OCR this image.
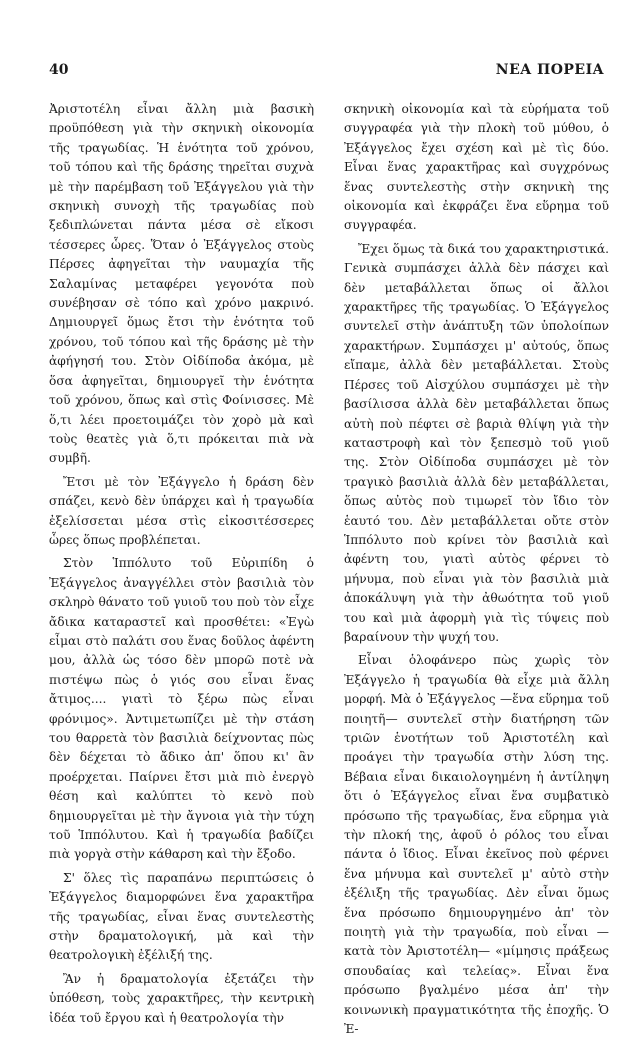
40	ΝΕΑ ΠΟΡΕΙΑ

Ἀριστοτέλη εἶναι ἄλλη μιὰ βασικὴ προϋπόθεση γιὰ τὴν σκηνικὴ οἰκονομία τῆς τραγωδίας. Ἡ ἑνότητα τοῦ χρόνου, τοῦ τόπου καὶ τῆς δράσης τηρεῖται συχνὰ μὲ τὴν παρέμβαση τοῦ Ἐξάγγελου γιὰ τὴν σκηνικὴ συνοχὴ τῆς τραγωδίας ποὺ ξεδιπλώνεται πάντα μέσα σὲ εἴκοσι τέσσερες ὧρες. Ὅταν ὁ Ἐξάγγελος στοὺς Πέρσες ἀφηγεῖται τὴν ναυμαχία τῆς Σαλαμίνας μεταφέρει γεγονότα ποὺ συνέβησαν σὲ τόπο καὶ χρόνο μακρινό. Δημιουργεῖ ὅμως ἔτσι τὴν ἑνότητα τοῦ χρόνου, τοῦ τόπου καὶ τῆς δράσης μὲ τὴν ἀφήγησή του. Στὸν Οἰδίποδα ἀκόμα, μὲ ὅσα ἀφηγεῖται, δημιουργεῖ τὴν ἑνότητα τοῦ χρόνου, ὅπως καὶ στὶς Φοίνισσες. Μὲ ὅ,τι λέει προετοιμάζει τὸν χορὸ μὰ καὶ τοὺς θεατὲς γιὰ ὅ,τι πρόκειται πιὰ νὰ συμβῆ.

Ἔτσι μὲ τὸν Ἐξάγγελο ἡ δράση δὲν σπάζει, κενὸ δὲν ὑπάρχει καὶ ἡ τραγωδία ἐξελίσσεται μέσα στὶς εἰκοσιτέσσερες ὧρες ὅπως προβλέπεται.

Στὸν Ἱππόλυτο τοῦ Εὐριπίδη ὁ Ἐξάγγελος ἀναγγέλλει στὸν βασιλιὰ τὸν σκληρὸ θάνατο τοῦ γυιοῦ του ποὺ τὸν εἶχε ἄδικα καταραστεῖ καὶ προσθέτει: «Ἐγὼ εἶμαι στὸ παλάτι σου ἕνας δοῦλος ἀφέντη μου, ἀλλὰ ὡς τόσο δὲν μπορῶ ποτὲ νὰ πιστέψω πὼς ὁ γιός σου εἶναι ἕνας ἄτιμος.... γιατὶ τὸ ξέρω πὼς εἶναι φρόνιμος». Ἀντιμετωπίζει μὲ τὴν στάση του θαρρετὰ τὸν βασιλιὰ δείχνοντας πὼς δὲν δέχεται τὸ ἄδικο ἀπ' ὅπου κι' ἂν προέρχεται. Παίρνει ἔτσι μιὰ πιὸ ἐνεργὸ θέση καὶ καλύπτει τὸ κενὸ ποὺ δημιουργεῖται μὲ τὴν ἄγνοια γιὰ τὴν τύχη τοῦ Ἱππόλυτου. Καὶ ἡ τραγωδία βαδίζει πιὰ γοργὰ στὴν κάθαρση καὶ τὴν ἔξοδο.

Σ' ὅλες τὶς παραπάνω περιπτώσεις ὁ Ἐξάγγελος διαμορφώνει ἕνα χαρακτῆρα τῆς τραγωδίας, εἶναι ἕνας συντελεστὴς στὴν δραματολογική, μὰ καὶ τὴν θεατρολογικὴ ἐξέλιξή της.

Ἂν ἡ δραματολογία ἐξετάζει τὴν ὑπόθεση, τοὺς χαρακτῆρες, τὴν κεντρικὴ ἰδέα τοῦ ἔργου καὶ ἡ θεατρολογία τὴν

σκηνικὴ οἰκονομία καὶ τὰ εὑρήματα τοῦ συγγραφέα γιὰ τὴν πλοκὴ τοῦ μύθου, ὁ Ἐξάγγελος ἔχει σχέση καὶ μὲ τὶς δύο. Εἶναι ἕνας χαρακτῆρας καὶ συγχρόνως ἕνας συντελεστὴς στὴν σκηνικὴ της οἰκονομία καὶ ἐκφράζει ἕνα εὕρημα τοῦ συγγραφέα.

Ἔχει ὅμως τὰ δικά του χαρακτηριστικά. Γενικὰ συμπάσχει ἀλλὰ δὲν πάσχει καὶ δὲν μεταβάλλεται ὅπως οἱ ἄλλοι χαρακτῆρες τῆς τραγωδίας. Ὁ Ἐξάγγελος συντελεῖ στὴν ἀνάπτυξη τῶν ὑπολοίπων χαρακτήρων. Συμπάσχει μ' αὐτούς, ὅπως εἴπαμε, ἀλλὰ δὲν μεταβάλλεται. Στοὺς Πέρσες τοῦ Αἰσχύλου συμπάσχει μὲ τὴν βασίλισσα ἀλλὰ δὲν μεταβάλλεται ὅπως αὐτὴ ποὺ πέφτει σὲ βαριὰ θλίψη γιὰ τὴν καταστροφὴ καὶ τὸν ξεπεσμὸ τοῦ γιοῦ της. Στὸν Οἰδίποδα συμπάσχει μὲ τὸν τραγικὸ βασιλιὰ ἀλλὰ δὲν μεταβάλλεται, ὅπως αὐτὸς ποὺ τιμωρεῖ τὸν ἴδιο τὸν ἑαυτό του. Δὲν μεταβάλλεται οὔτε στὸν Ἱππόλυτο ποὺ κρίνει τὸν βασιλιὰ καὶ ἀφέντη του, γιατὶ αὐτὸς φέρνει τὸ μήνυμα, ποὺ εἶναι γιὰ τὸν βασιλιὰ μιὰ ἀποκάλυψη γιὰ τὴν ἀθωότητα τοῦ γιοῦ του καὶ μιὰ ἀφορμὴ γιὰ τὶς τύψεις ποὺ βαραίνουν τὴν ψυχή του.

Εἶναι ὁλοφάνερο πὼς χωρὶς τὸν Ἐξάγγελο ἡ τραγωδία θὰ εἶχε μιὰ ἄλλη μορφή. Μὰ ὁ Ἐξάγγελος —ἕνα εὕρημα τοῦ ποιητῆ— συντελεῖ στὴν διατήρηση τῶν τριῶν ἑνοτήτων τοῦ Ἀριστοτέλη καὶ προάγει τὴν τραγωδία στὴν λύση της. Βέβαια εἶναι δικαιολογημένη ἡ ἀντίληψη ὅτι ὁ Ἐξάγγελος εἶναι ἕνα συμβατικὸ πρόσωπο τῆς τραγωδίας, ἕνα εὕρημα γιὰ τὴν πλοκή της, ἀφοῦ ὁ ρόλος του εἶναι πάντα ὁ ἴδιος. Εἶναι ἐκεῖνος ποὺ φέρνει ἕνα μήνυμα καὶ συντελεῖ μ' αὐτὸ στὴν ἐξέλιξη τῆς τραγωδίας. Δὲν εἶναι ὅμως ἕνα πρόσωπο δημιουργημένο ἀπ' τὸν ποιητὴ γιὰ τὴν τραγωδία, ποὺ εἶναι — κατὰ τὸν Ἀριστοτέλη— «μίμησις πράξεως σπουδαίας καὶ τελείας». Εἶναι ἕνα πρόσωπο βγαλμένο μέσα ἀπ' τὴν κοινωνικὴ πραγματικότητα τῆς ἐποχῆς. Ὁ Ἐ-
